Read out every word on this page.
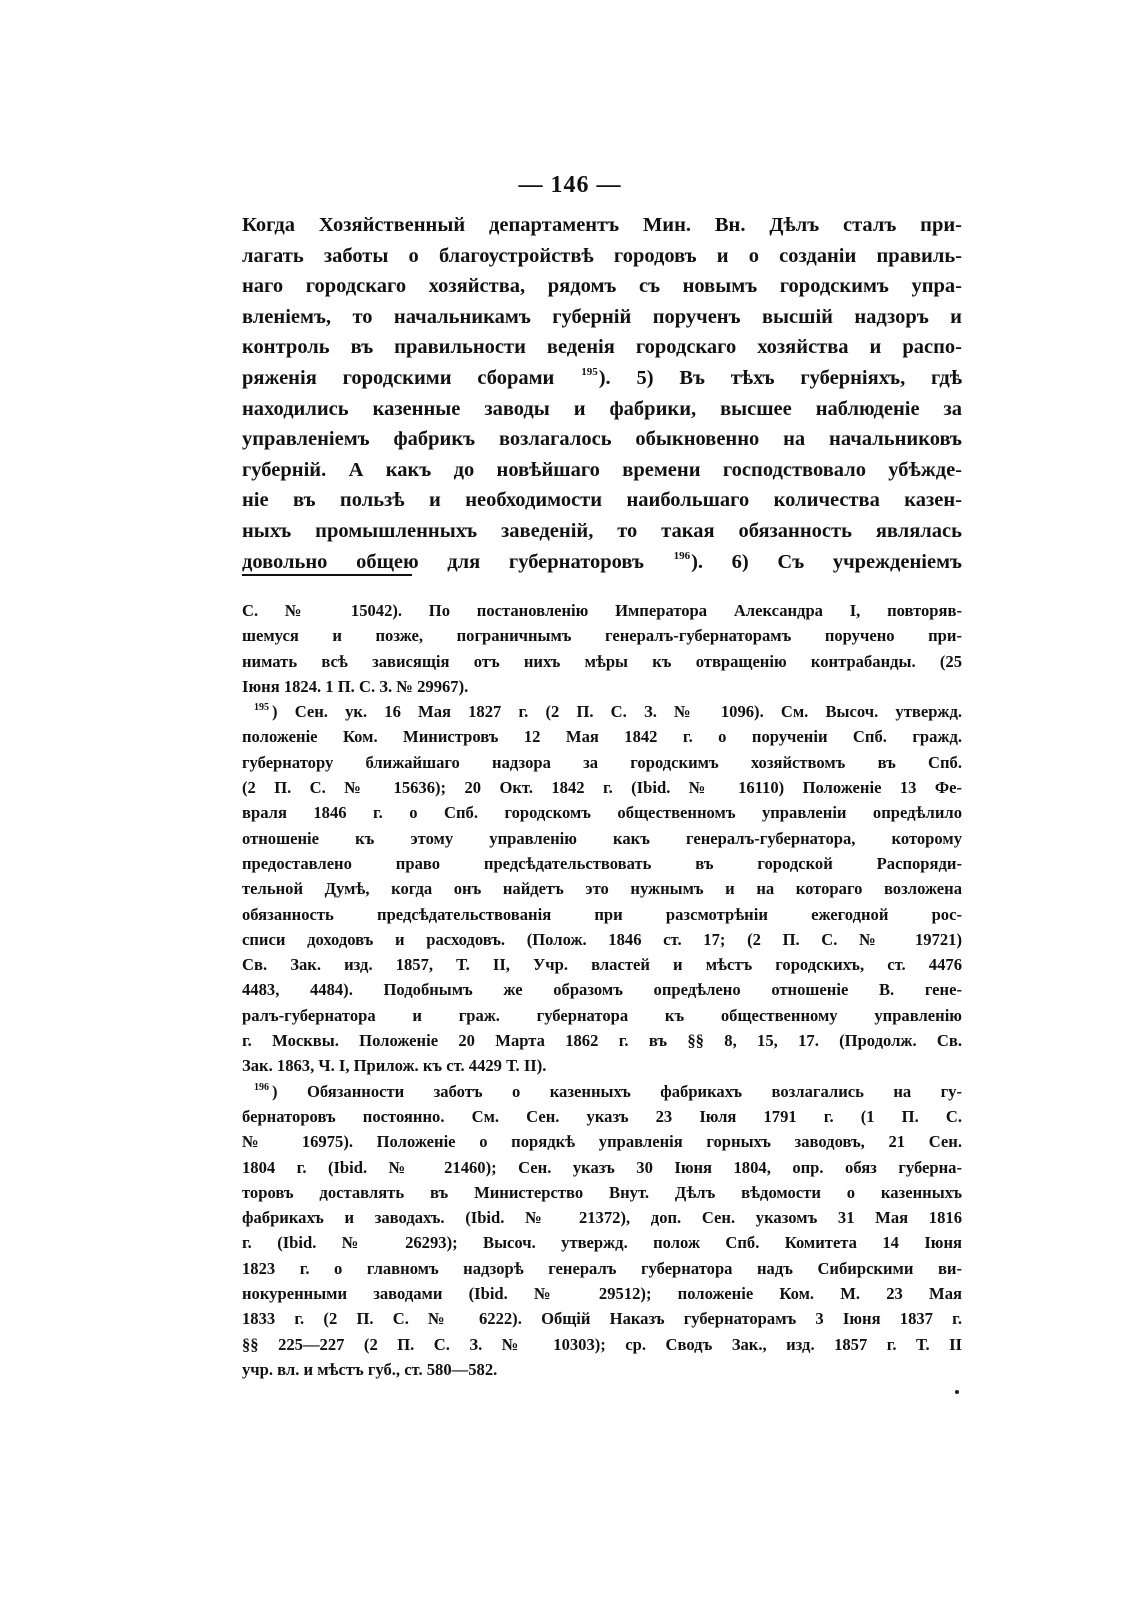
— 146 —
Когда Хозяйственный департаментъ Мин. Вн. Дѣлъ сталъ при-
лагать заботы о благоустройствѣ городовъ и о созданіи правиль-
наго городскаго хозяйства, рядомъ съ новымъ городскимъ упра-
вленіемъ, то начальникамъ губерній порученъ высшій надзоръ и
контроль въ правильности веденія городскаго хозяйства и распо-
ряженія городскими сборами $^{195}$). 5) Въ тѣхъ губерніяхъ, гдѣ
находились казенные заводы и фабрики, высшее наблюденіе за
управленіемъ фабрикъ возлагалось обыкновенно на начальниковъ
губерній. А какъ до новѣйшаго времени господствовало убѣжде-
ніе въ пользѣ и необходимости наибольшаго количества казен-
ныхъ промышленныхъ заведеній, то такая обязанность являлась
довольно общею для губернаторовъ	$^{196}$). 6) Съ учрежденіемъ
С. № 15042). По постановленію Императора Александра I, повторяв-
шемуся и позже, пограничнымъ генералъ-губернаторамъ поручено при-
нимать всѣ зависящія отъ нихъ мѣры къ отвращенію контрабанды. (25
Іюня 1824. 1 П. С. З. № 29967).
$^{195}$ ) Сен. ук. 16 Мая 1827 г. (2 П. С. З. № 1096). См. Высоч. утвержд.
положеніе Ком. Министровъ 12 Мая 1842 г. о порученіи Спб. гражд.
губернатору ближайшаго надзора за городскимъ хозяйствомъ въ Спб.
(2 П. С. № 15636); 20 Окт. 1842 г. (Ibid. № 16110) Положеніе 13 Фе-
враля 1846 г. о Спб. городскомъ общественномъ управленіи опредѣлило
отношеніе къ этому управленію какъ генералъ-губернатора, которому
предоставлено право предсѣдательствовать въ городской Распоряди-
тельной Думѣ, когда онъ найдетъ это нужнымъ и на котораго возложена
обязанность предсѣдательствованія при разсмотрѣніи ежегодной рос-
списи доходовъ и расходовъ. (Полож. 1846 ст. 17; (2 П. С. № 19721)
Св. Зак. изд. 1857, Т. II, Учр. властей и мѣстъ городскихъ, ст. 4476
4483, 4484). Подобнымъ же образомъ опредѣлено отношеніе В. гене-
ралъ-губернатора и граж. губернатора къ общественному управленію
г. Москвы. Положеніе 20 Марта 1862 г. въ §§ 8, 15, 17. (Продолж. Св.
Зак. 1863, Ч. I, Прилож. къ ст. 4429 Т. II).
$^{196}$ ) Обязанности заботъ о казенныхъ фабрикахъ возлагались на гу-
бернаторовъ постоянно. См. Сен. указъ 23 Іюля 1791 г. (1 П. С.
№ 16975). Положеніе о порядкѣ управленія горныхъ заводовъ, 21 Сен.
1804 г. (Ibid. № 21460); Сен. указъ 30 Іюня 1804, опр. обяз губерна-
торовъ доставлять въ Министерство Внут. Дѣлъ вѣдомости о казенныхъ
фабрикахъ и заводахъ. (Ibid. № 21372), доп. Сен. указомъ 31 Мая 1816
г. (Ibid. № 26293); Высоч. утвержд. полож Спб. Комитета 14 Іюня
1823 г. о главномъ надзорѣ генералъ губернатора надъ Сибирскими ви-
нокуренными заводами (Ibid. № 29512); положеніе Ком. М. 23 Мая
1833 г. (2 П. С. № 6222). Общій Наказъ губернаторамъ 3 Іюня 1837 г.
§§ 225—227 (2 П. С. З. № 10303); ср. Сводъ Зак., изд. 1857 г. Т. II
учр. вл. и мѣстъ губ., ст. 580—582.
